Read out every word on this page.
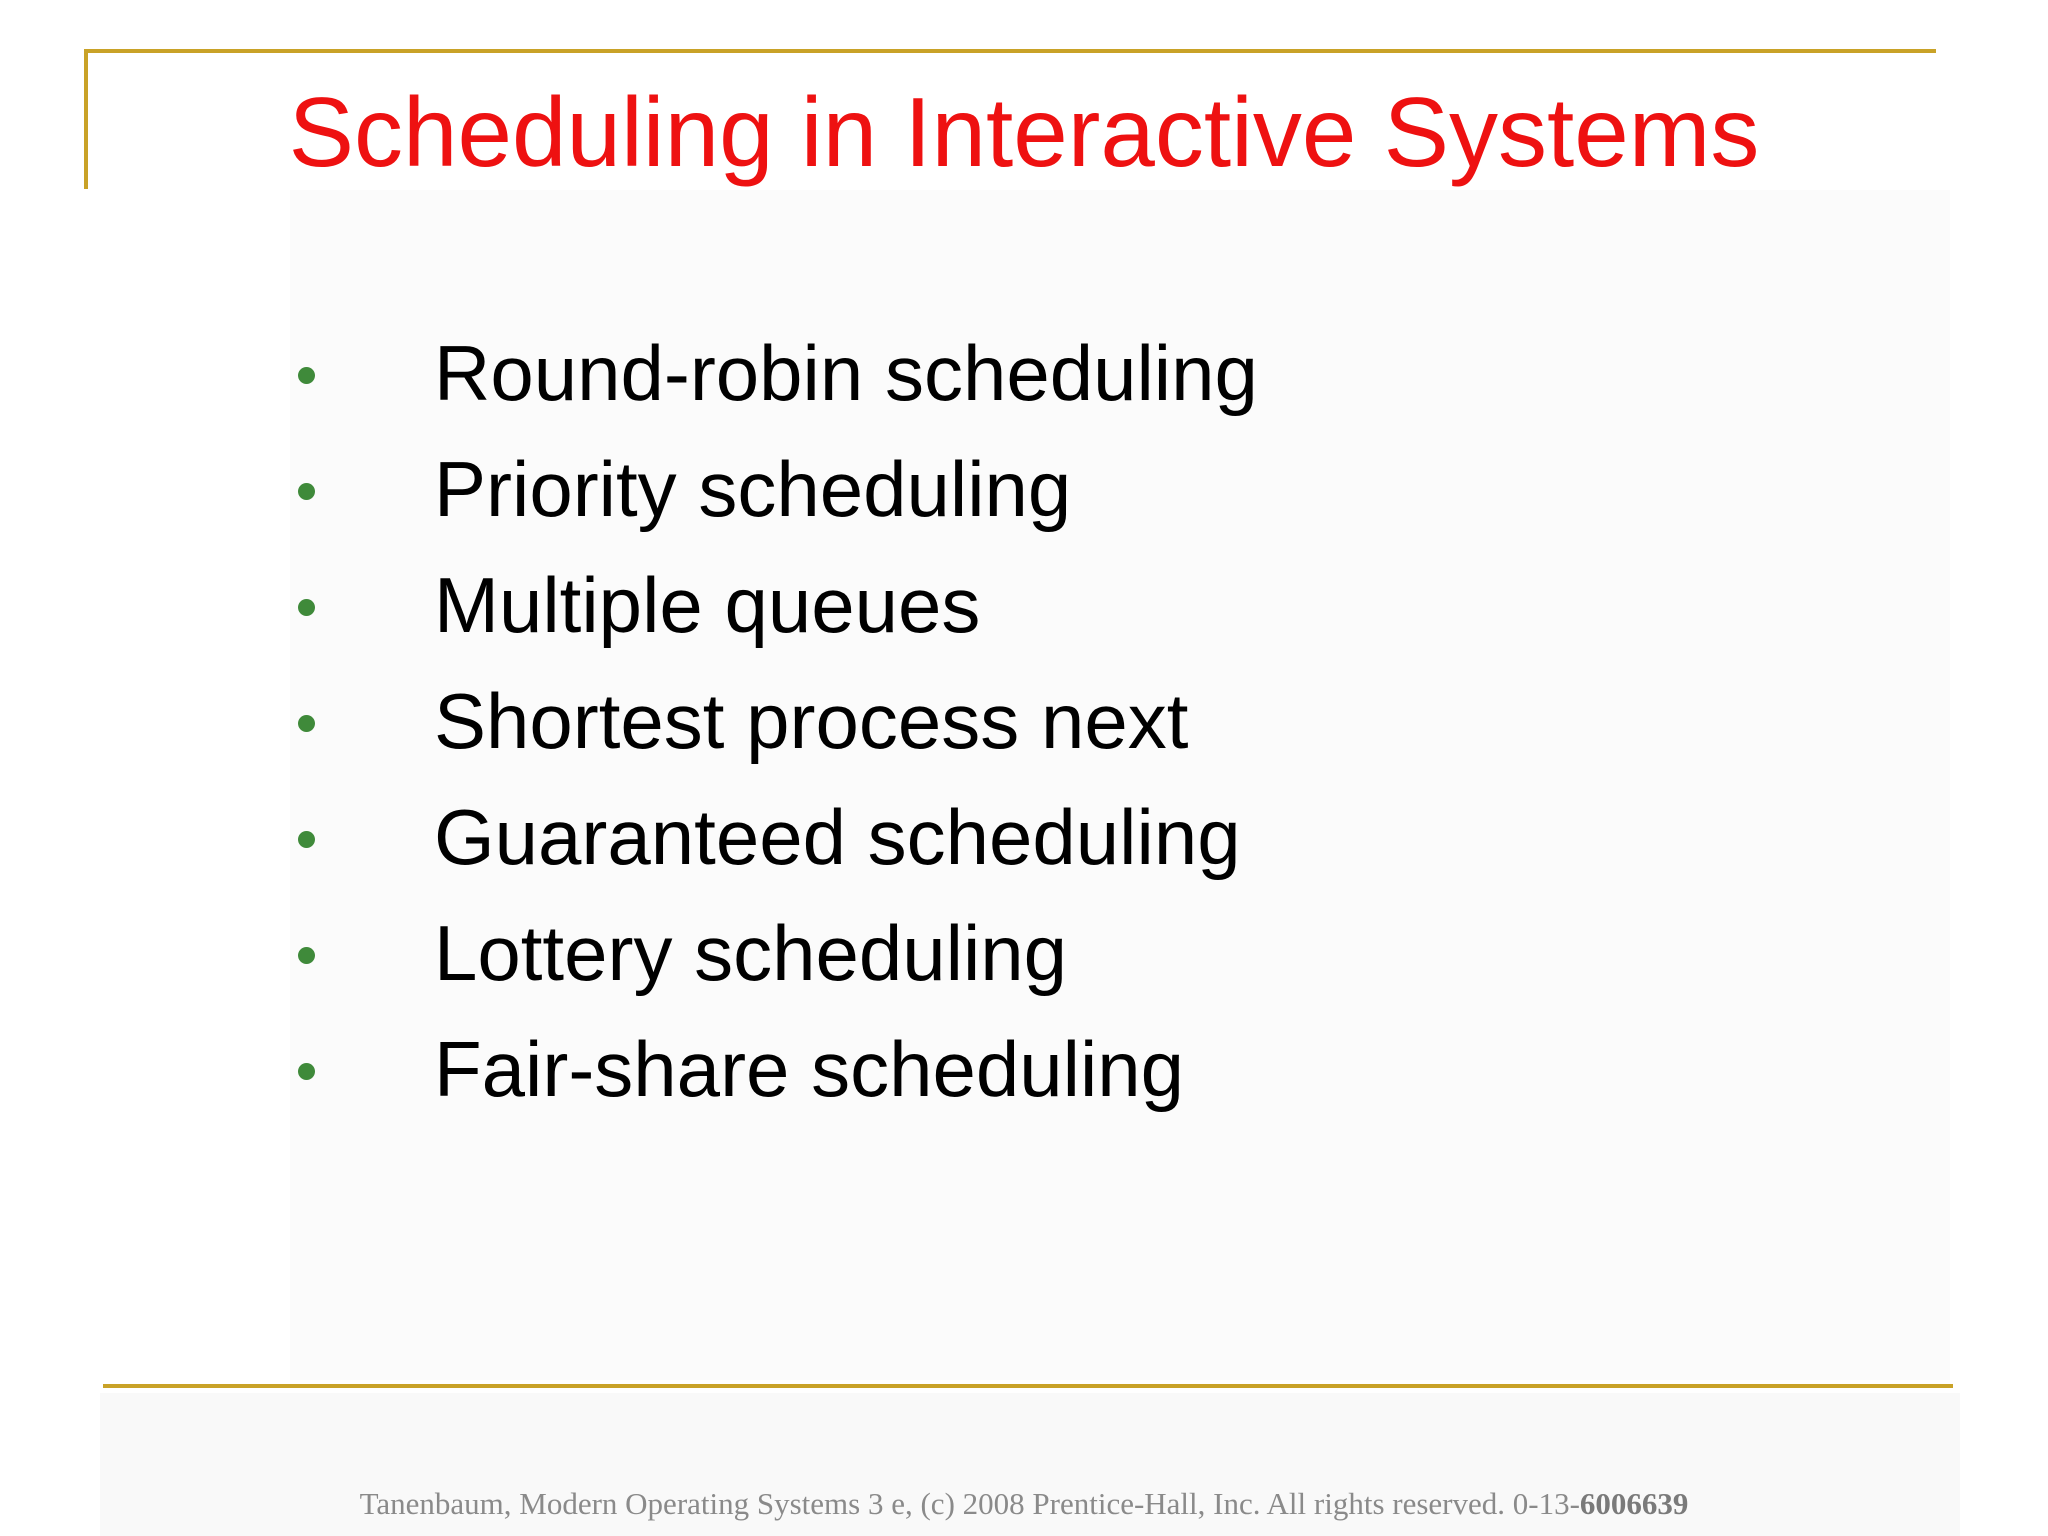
Scheduling in Interactive Systems
Round-robin scheduling
Priority scheduling
Multiple queues
Shortest process next
Guaranteed scheduling
Lottery scheduling
Fair-share scheduling
Tanenbaum, Modern Operating Systems 3 e, (c) 2008 Prentice-Hall, Inc. All rights reserved. 0-13-6006639
